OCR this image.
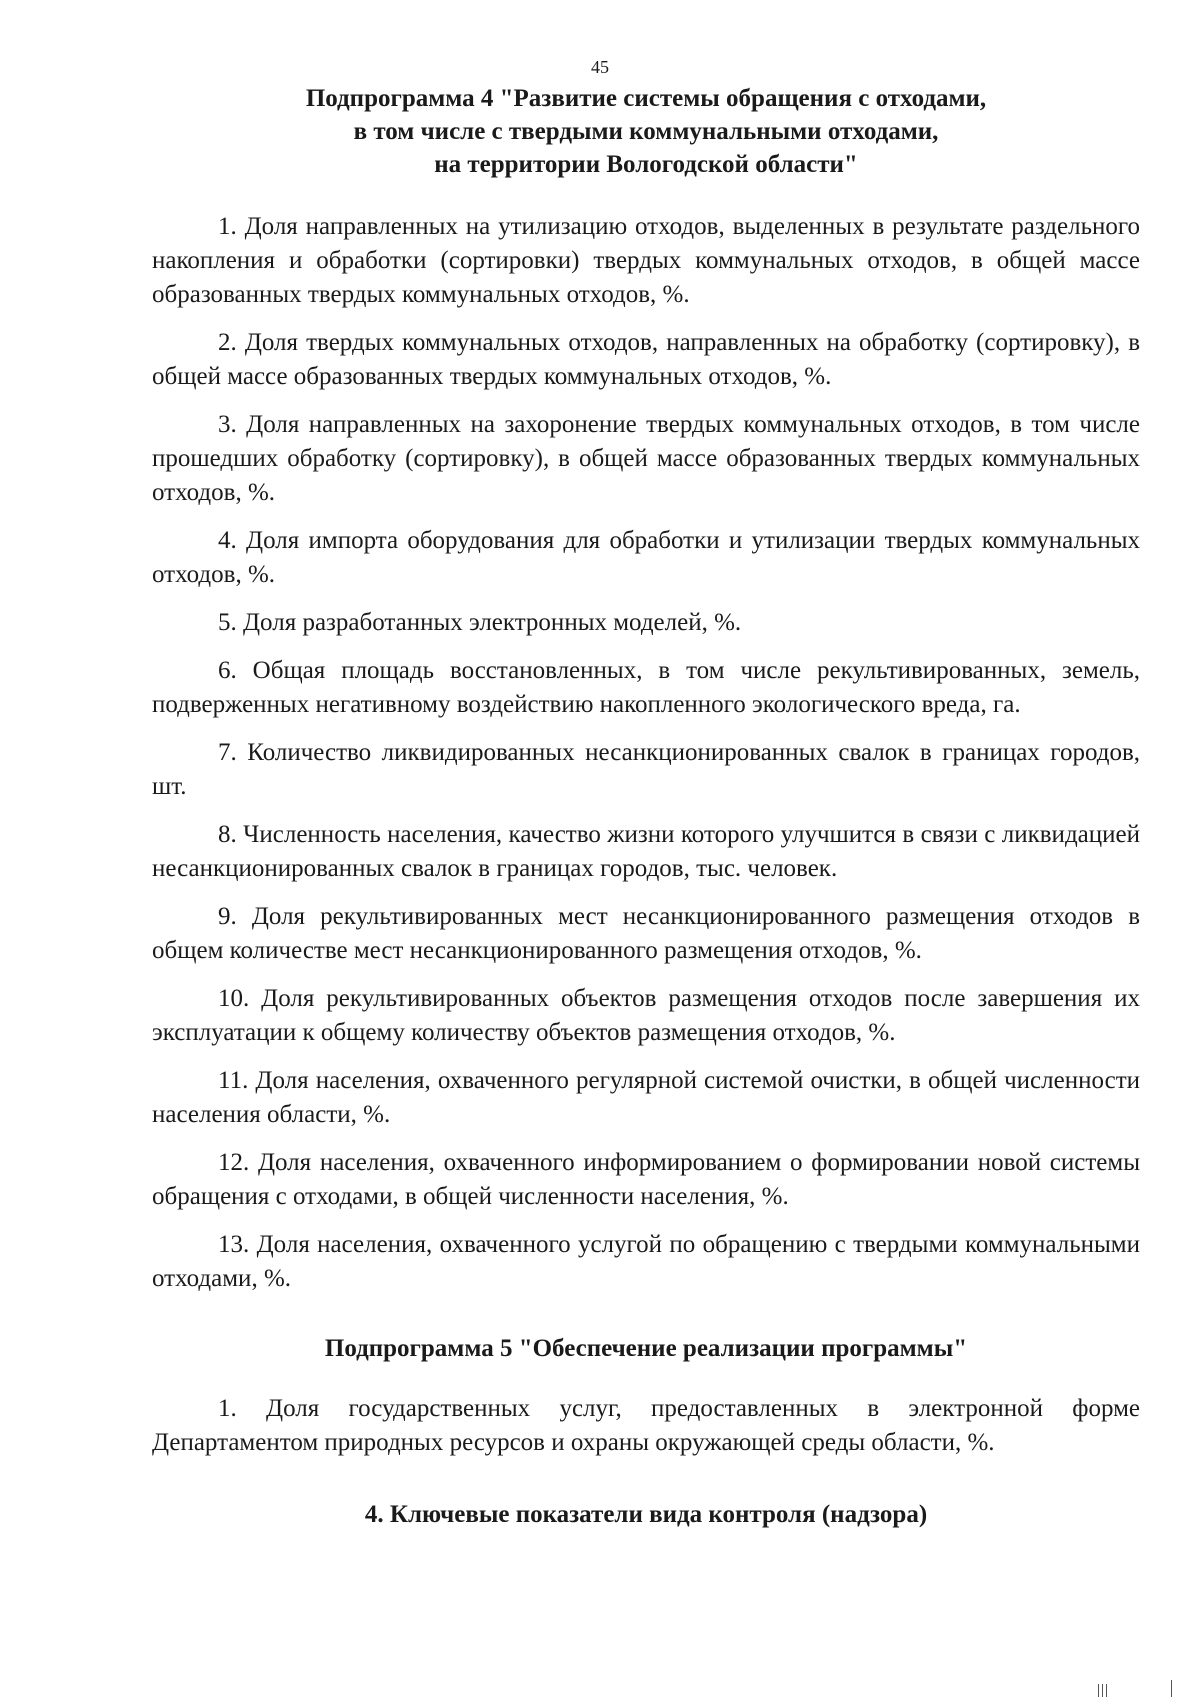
45
Подпрограмма 4 "Развитие системы обращения с отходами,
в том числе с твердыми коммунальными отходами,
на территории Вологодской области"

1. Доля направленных на утилизацию отходов, выделенных в результате раздельного накопления и обработки (сортировки) твердых коммунальных отходов, в общей массе образованных твердых коммунальных отходов, %.

2. Доля твердых коммунальных отходов, направленных на обработку (сортировку), в общей массе образованных твердых коммунальных отходов, %.

3. Доля направленных на захоронение твердых коммунальных отходов, в том числе прошедших обработку (сортировку), в общей массе образованных твердых коммунальных отходов, %.

4. Доля импорта оборудования для обработки и утилизации твердых коммунальных отходов, %.

5. Доля разработанных электронных моделей, %.

6. Общая площадь восстановленных, в том числе рекультивированных, земель, подверженных негативному воздействию накопленного экологического вреда, га.

7. Количество ликвидированных несанкционированных свалок в границах городов, шт.

8. Численность населения, качество жизни которого улучшится в связи с ликвидацией несанкционированных свалок в границах городов, тыс. человек.

9. Доля рекультивированных мест несанкционированного размещения отходов в общем количестве мест несанкционированного размещения отходов, %.

10. Доля рекультивированных объектов размещения отходов после завершения их эксплуатации к общему количеству объектов размещения отходов, %.

11. Доля населения, охваченного регулярной системой очистки, в общей численности населения области, %.

12. Доля населения, охваченного информированием о формировании новой системы обращения с отходами, в общей численности населения, %.

13. Доля населения, охваченного услугой по обращению с твердыми коммунальными отходами, %.

Подпрограмма 5 "Обеспечение реализации программы"

1. Доля государственных услуг, предоставленных в электронной форме Департаментом природных ресурсов и охраны окружающей среды области, %.

4. Ключевые показатели вида контроля (надзора)
